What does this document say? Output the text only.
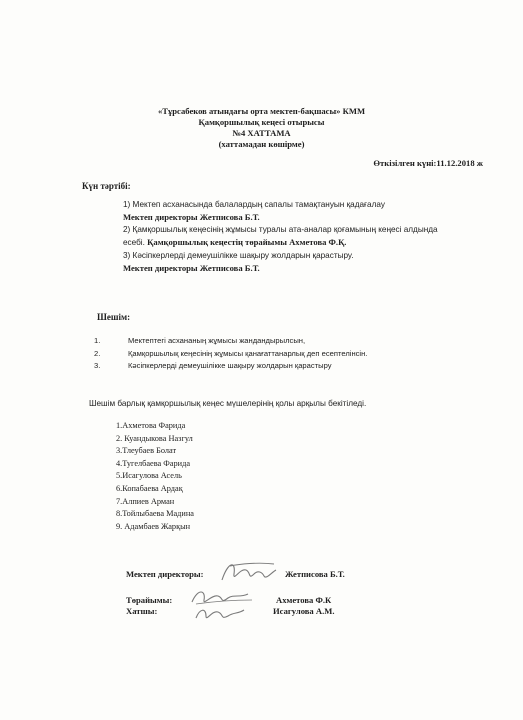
«Тұрсабеков атындағы орта мектеп-бақшасы» КММ
Қамқоршылық кеңесі отырысы
№4 ХАТТАМА
(хаттамадан көшірме)
Өткізілген күні:11.12.2018 ж
Күн тәртібі:
1) Мектеп асханасында балалардың сапалы тамақтануын қадағалау
Мектеп директоры Жетписова Б.Т.
2) Қамқоршылық кеңесінің жұмысы туралы ата-аналар қоғамының кеңесі алдында
есебі. Қамқоршылық кеңестің төрайымы Ахметова Ф.Қ.
3) Кәсіпкерлерді демеушілікке шақыру жолдарын қарастыру.
Мектеп директоры Жетписова Б.Т.
Шешім:
1.	Мектептегі асхананың жұмысы жандандырылсын,
2.	Қамқоршылық кеңесінің жұмысы қанағаттанарлық деп есептелінсін.
3.	Кәсіпкерлерді демеушілікке шақыру жолдарын қарастыру
Шешім барлық қамқоршылық кеңес мүшелерінің қолы арқылы бекітіледі.
1.Ахметова Фарида
2. Куандыкова Назгул
3.Тлеубаев Болат
4.Тугелбаева Фарида
5.Исагулова Асель
6.Копабаева Ардақ
7.Алпиев Арман
8.Тойлыбаева Мадина
9. Адамбаев Жарқын
Мектеп директоры:	Жетписова Б.Т.
Төрайымы:	Ахметова Ф.К
Хатшы:	Исагулова А.М.
